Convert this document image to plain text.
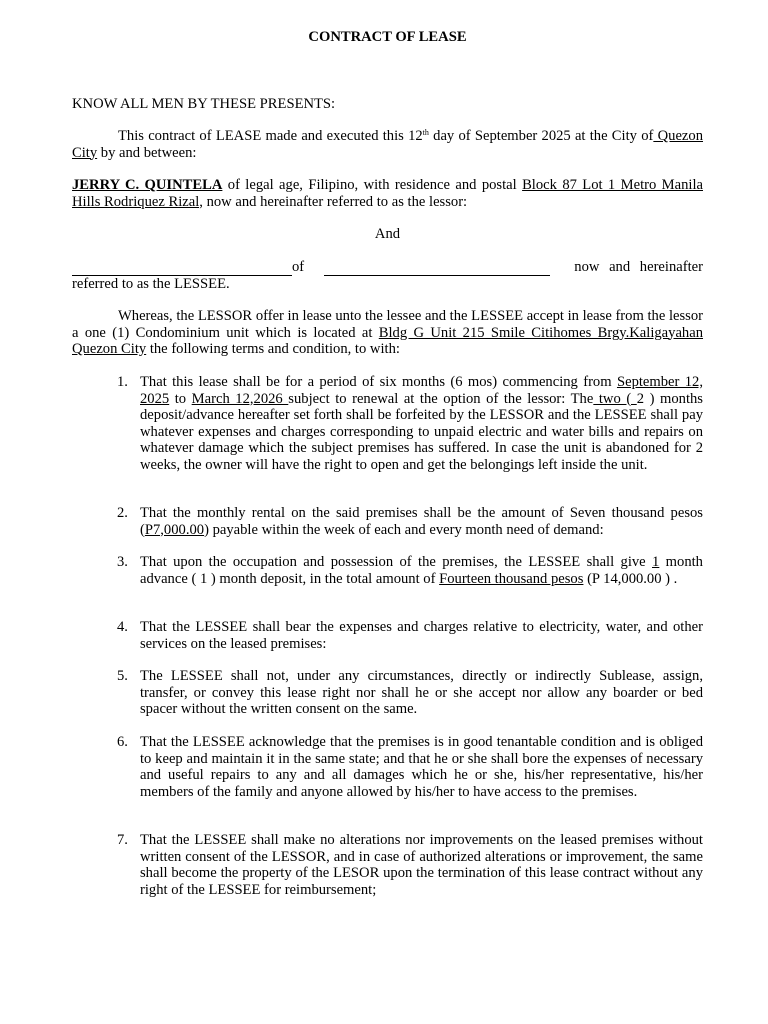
CONTRACT OF LEASE
KNOW ALL MEN BY THESE PRESENTS:
This contract of LEASE made and executed this 12th day of September 2025 at the City of Quezon City by and between:
JERRY C. QUINTELA of legal age, Filipino, with residence and postal Block 87 Lot 1 Metro Manila Hills Rodriquez Rizal, now and hereinafter referred to as the lessor:
And
of	now and hereinafter
referred to as the LESSEE.
Whereas, the LESSOR offer in lease unto the lessee and the LESSEE accept in lease from the lessor a one (1) Condominium unit which is located at Bldg G Unit 215 Smile Citihomes Brgy.Kaligayahan Quezon City the following terms and condition, to with:
1. That this lease shall be for a period of six months (6 mos) commencing from September 12, 2025 to March 12,2026 subject to renewal at the option of the lessor: The two ( 2 ) months deposit/advance hereafter set forth shall be forfeited by the LESSOR and the LESSEE shall pay whatever expenses and charges corresponding to unpaid electric and water bills and repairs on whatever damage which the subject premises has suffered. In case the unit is abandoned for 2 weeks, the owner will have the right to open and get the belongings left inside the unit.
2. That the monthly rental on the said premises shall be the amount of Seven thousand pesos (P7,000.00) payable within the week of each and every month need of demand:
3. That upon the occupation and possession of the premises, the LESSEE shall give 1 month advance ( 1 ) month deposit, in the total amount of Fourteen thousand pesos (P 14,000.00 ) .
4. That the LESSEE shall bear the expenses and charges relative to electricity, water, and other services on the leased premises:
5. The LESSEE shall not, under any circumstances, directly or indirectly Sublease, assign, transfer, or convey this lease right nor shall he or she accept nor allow any boarder or bed spacer without the written consent on the same.
6. That the LESSEE acknowledge that the premises is in good tenantable condition and is obliged to keep and maintain it in the same state; and that he or she shall bore the expenses of necessary and useful repairs to any and all damages which he or she, his/her representative, his/her members of the family and anyone allowed by his/her to have access to the premises.
7. That the LESSEE shall make no alterations nor improvements on the leased premises without written consent of the LESSOR, and in case of authorized alterations or improvement, the same shall become the property of the LESOR upon the termination of this lease contract without any right of the LESSEE for reimbursement;
